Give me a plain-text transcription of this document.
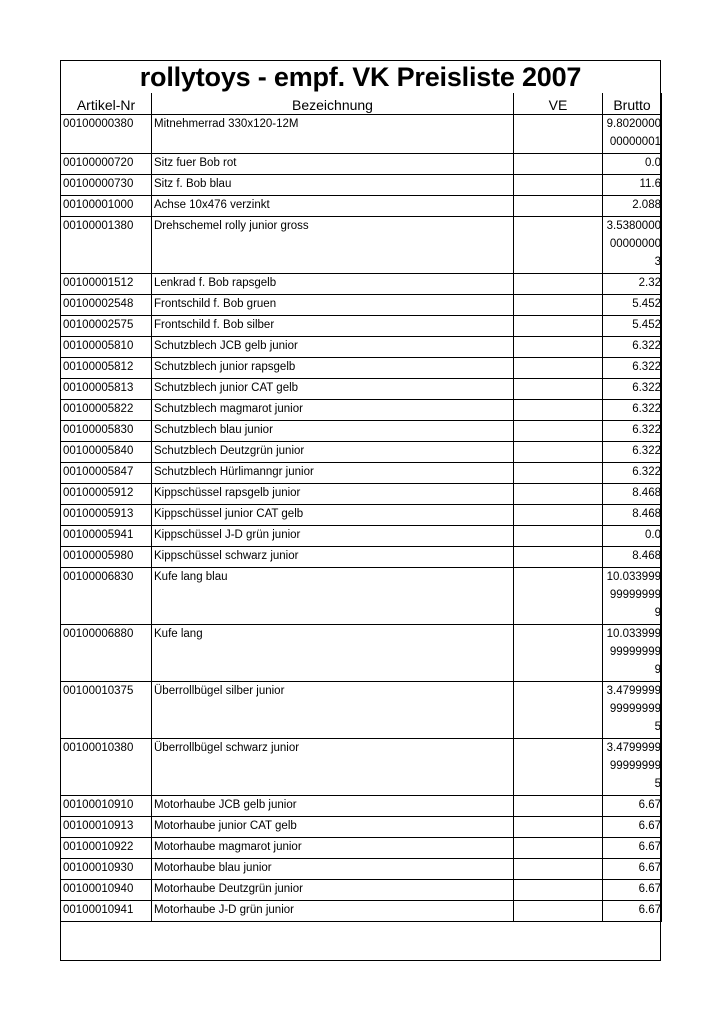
rollytoys - empf. VK Preisliste 2007
Artikel-Nr	Bezeichnung	VE	Brutto
00100000380	Mitnehmerrad 330x120-12M		9.8020000
00000001
00100000720	Sitz fuer Bob rot		0.0
00100000730	Sitz f. Bob blau		11.6
00100001000	Achse 10x476 verzinkt		2.088
00100001380	Drehschemel rolly junior gross		3.5380000
00000000
3
00100001512	Lenkrad f. Bob rapsgelb		2.32
00100002548	Frontschild f. Bob gruen		5.452
00100002575	Frontschild f. Bob silber		5.452
00100005810	Schutzblech JCB gelb junior		6.322
00100005812	Schutzblech junior rapsgelb		6.322
00100005813	Schutzblech junior CAT gelb		6.322
00100005822	Schutzblech magmarot junior		6.322
00100005830	Schutzblech blau junior		6.322
00100005840	Schutzblech Deutzgrün junior		6.322
00100005847	Schutzblech Hürlimanngr junior		6.322
00100005912	Kippschüssel rapsgelb junior		8.468
00100005913	Kippschüssel junior CAT gelb		8.468
00100005941	Kippschüssel J-D grün junior		0.0
00100005980	Kippschüssel schwarz junior		8.468
00100006830	Kufe lang blau		10.033999
99999999
9
00100006880	Kufe lang		10.033999
99999999
9
00100010375	Überrollbügel silber junior		3.4799999
99999999
5
00100010380	Überrollbügel schwarz junior		3.4799999
99999999
5
00100010910	Motorhaube JCB gelb junior		6.67
00100010913	Motorhaube junior CAT gelb		6.67
00100010922	Motorhaube magmarot junior		6.67
00100010930	Motorhaube blau junior		6.67
00100010940	Motorhaube Deutzgrün junior		6.67
00100010941	Motorhaube J-D grün junior		6.67
